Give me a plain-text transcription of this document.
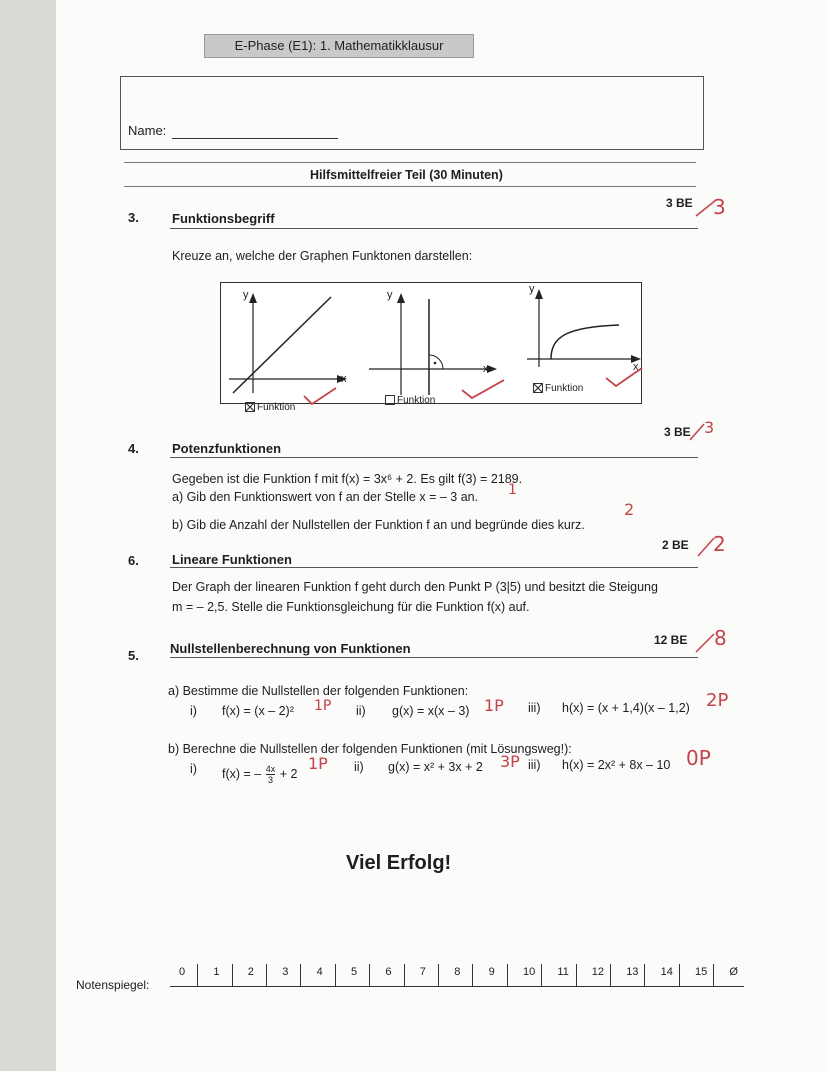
E-Phase (E1): 1. Mathematikklausur
Name:
Hilfsmittelfreier Teil (30 Minuten)
3.	Funktionsbegriff
3 BE 3
Kreuze an, welche der Graphen Funktonen darstellen:
y
x
y
x
y
x
Funktion
Funktion
Funktion
4.	Potenzfunktionen
3 BE 3
Gegeben ist die Funktion f mit f(x) = 3x⁶ + 2. Es gilt f(3) = 2189.
a) Gib den Funktionswert von f an der Stelle x = – 3 an. 1
b) Gib die Anzahl der Nullstellen der Funktion f an und begründe dies kurz.
2
6.	Lineare Funktionen
2 BE 2
Der Graph der linearen Funktion f geht durch den Punkt P (3|5) und besitzt die Steigung
m = – 2,5. Stelle die Funktionsgleichung für die Funktion f(x) auf.
5. Nullstellenberechnung von Funktionen
12 BE 8
a) Bestimme die Nullstellen der folgenden Funktionen:
i) f(x) = (x – 2)² 1P ii) g(x) = x(x – 3) 1P iii) h(x) = (x + 1,4)(x – 1,2) 2P
b) Berechne die Nullstellen der folgenden Funktionen (mit Lösungsweg!):
i) f(x) = – $\frac{4x}{3} + 2$
1P ii) g(x) = x² + 3x + 2 3P iii) h(x) = 2x² + 8x – 10 0P
Viel Erfolg!
Notenspiegel:
0	1	2	3	4	5	6	7	8	9	10 11 12 13 14 15 Ø
